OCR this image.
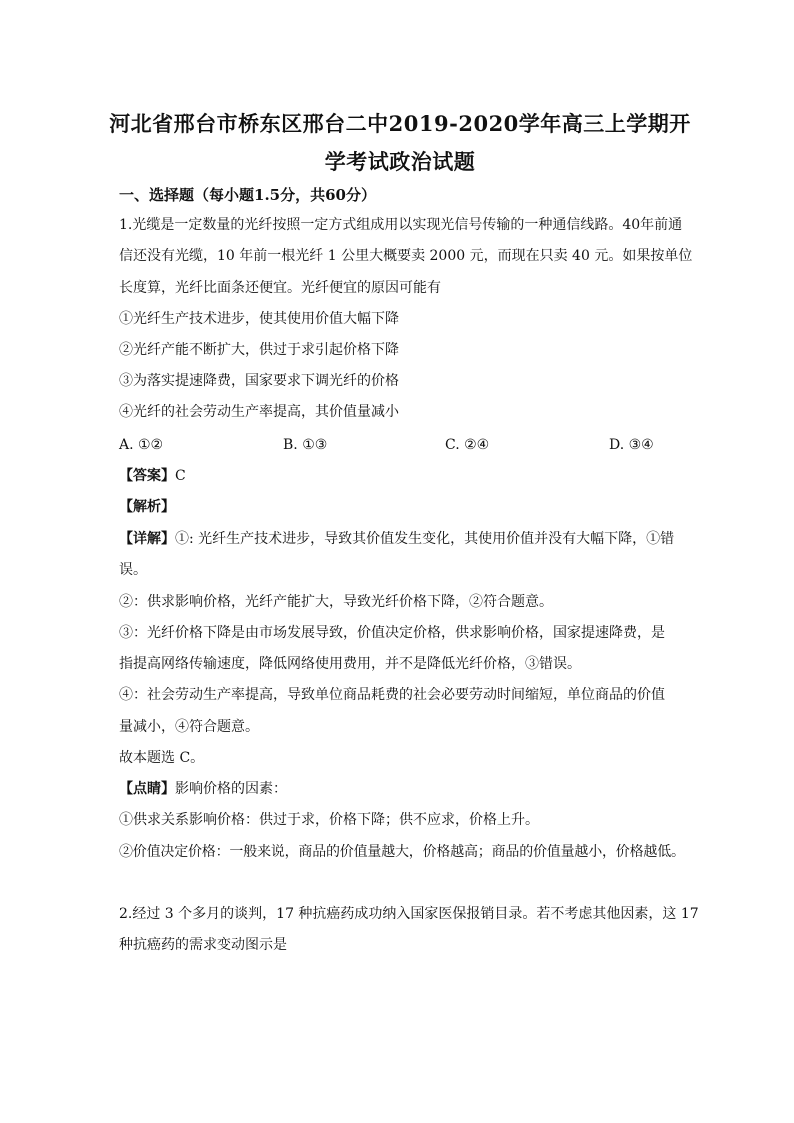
河北省邢台市桥东区邢台二中2019-2020学年高三上学期开
学考试政治试题
一、选择题（每小题1.5分，共60分）
1.光缆是一定数量的光纤按照一定方式组成用以实现光信号传输的一种通信线路。40年前通
信还没有光缆，10 年前一根光纤 1 公里大概要卖 2000 元，而现在只卖 40 元。如果按单位
长度算，光纤比面条还便宜。光纤便宜的原因可能有
①光纤生产技术进步，使其使用价值大幅下降
②光纤产能不断扩大，供过于求引起价格下降
③为落实提速降费，国家要求下调光纤的价格
④光纤的社会劳动生产率提高，其价值量减小
A. ①②	B. ①③	C. ②④	D. ③④
【答案】C
【解析】
【详解】①: 光纤生产技术进步，导致其价值发生变化，其使用价值并没有大幅下降，①错
误。
②：供求影响价格，光纤产能扩大，导致光纤价格下降，②符合题意。
③：光纤价格下降是由市场发展导致，价值决定价格，供求影响价格，国家提速降费，是
指提高网络传输速度，降低网络使用费用，并不是降低光纤价格，③错误。
④：社会劳动生产率提高，导致单位商品耗费的社会必要劳动时间缩短，单位商品的价值
量减小，④符合题意。
故本题选 C。
【点睛】影响价格的因素：
①供求关系影响价格：供过于求，价格下降；供不应求，价格上升。
②价值决定价格：一般来说，商品的价值量越大，价格越高；商品的价值量越小，价格越低。
2.经过 3 个多月的谈判，17 种抗癌药成功纳入国家医保报销目录。若不考虑其他因素，这 17
种抗癌药的需求变动图示是
